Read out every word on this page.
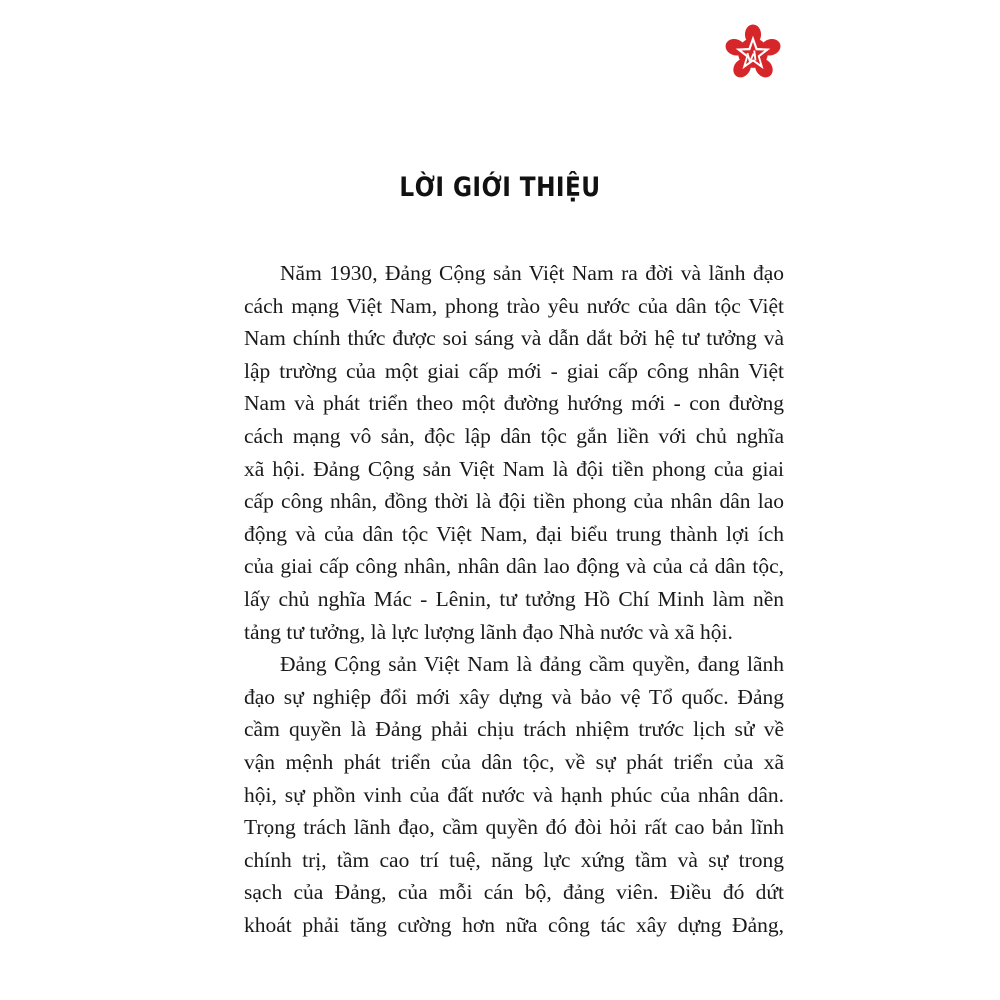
LỜI GIỚI THIỆU

Năm 1930, Đảng Cộng sản Việt Nam ra đời và lãnh đạo
cách mạng Việt Nam, phong trào yêu nước của dân tộc Việt
Nam chính thức được soi sáng và dẫn dắt bởi hệ tư tưởng và
lập trường của một giai cấp mới - giai cấp công nhân Việt
Nam và phát triển theo một đường hướng mới - con đường
cách mạng vô sản, độc lập dân tộc gắn liền với chủ nghĩa
xã hội. Đảng Cộng sản Việt Nam là đội tiền phong của giai
cấp công nhân, đồng thời là đội tiền phong của nhân dân lao
động và của dân tộc Việt Nam, đại biểu trung thành lợi ích
của giai cấp công nhân, nhân dân lao động và của cả dân tộc,
lấy chủ nghĩa Mác - Lênin, tư tưởng Hồ Chí Minh làm nền
tảng tư tưởng, là lực lượng lãnh đạo Nhà nước và xã hội.

Đảng Cộng sản Việt Nam là đảng cầm quyền, đang lãnh
đạo sự nghiệp đổi mới xây dựng và bảo vệ Tổ quốc. Đảng
cầm quyền là Đảng phải chịu trách nhiệm trước lịch sử về
vận mệnh phát triển của dân tộc, về sự phát triển của xã
hội, sự phồn vinh của đất nước và hạnh phúc của nhân dân.
Trọng trách lãnh đạo, cầm quyền đó đòi hỏi rất cao bản lĩnh
chính trị, tầm cao trí tuệ, năng lực xứng tầm và sự trong
sạch của Đảng, của mỗi cán bộ, đảng viên. Điều đó dứt
khoát phải tăng cường hơn nữa công tác xây dựng Đảng,
